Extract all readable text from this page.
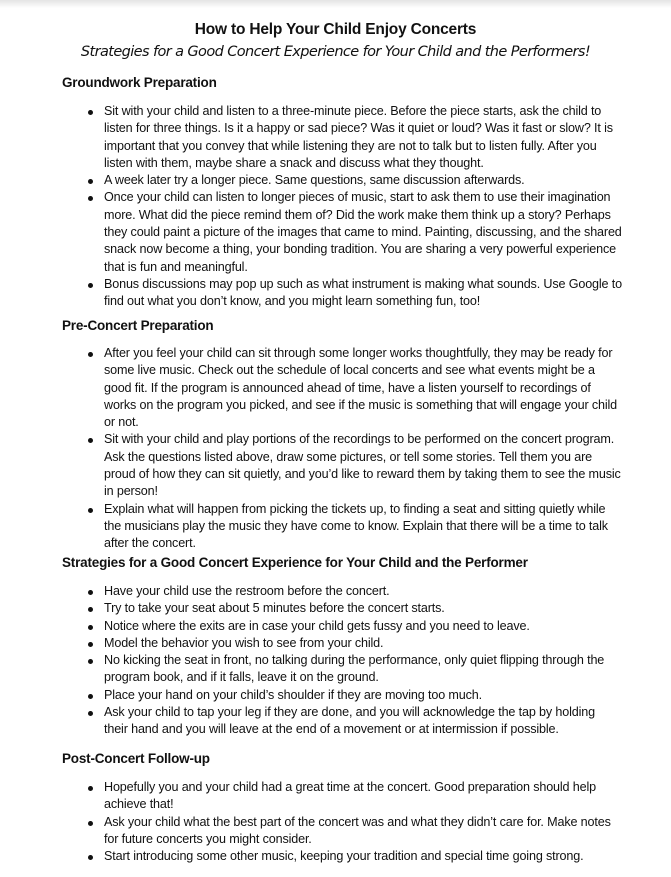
How to Help Your Child Enjoy Concerts
Strategies for a Good Concert Experience for Your Child and the Performers!
Groundwork Preparation
Sit with your child and listen to a three-minute piece. Before the piece starts, ask the child to listen for three things. Is it a happy or sad piece? Was it quiet or loud? Was it fast or slow? It is important that you convey that while listening they are not to talk but to listen fully. After you listen with them, maybe share a snack and discuss what they thought.
A week later try a longer piece. Same questions, same discussion afterwards.
Once your child can listen to longer pieces of music, start to ask them to use their imagination more. What did the piece remind them of? Did the work make them think up a story? Perhaps they could paint a picture of the images that came to mind. Painting, discussing, and the shared snack now become a thing, your bonding tradition. You are sharing a very powerful experience that is fun and meaningful.
Bonus discussions may pop up such as what instrument is making what sounds. Use Google to find out what you don’t know, and you might learn something fun, too!
Pre-Concert Preparation
After you feel your child can sit through some longer works thoughtfully, they may be ready for some live music. Check out the schedule of local concerts and see what events might be a good fit. If the program is announced ahead of time, have a listen yourself to recordings of works on the program you picked, and see if the music is something that will engage your child or not.
Sit with your child and play portions of the recordings to be performed on the concert program. Ask the questions listed above, draw some pictures, or tell some stories. Tell them you are proud of how they can sit quietly, and you’d like to reward them by taking them to see the music in person!
Explain what will happen from picking the tickets up, to finding a seat and sitting quietly while the musicians play the music they have come to know. Explain that there will be a time to talk after the concert.
Strategies for a Good Concert Experience for Your Child and the Performer
Have your child use the restroom before the concert.
Try to take your seat about 5 minutes before the concert starts.
Notice where the exits are in case your child gets fussy and you need to leave.
Model the behavior you wish to see from your child.
No kicking the seat in front, no talking during the performance, only quiet flipping through the program book, and if it falls, leave it on the ground.
Place your hand on your child’s shoulder if they are moving too much.
Ask your child to tap your leg if they are done, and you will acknowledge the tap by holding their hand and you will leave at the end of a movement or at intermission if possible.
Post-Concert Follow-up
Hopefully you and your child had a great time at the concert. Good preparation should help achieve that!
Ask your child what the best part of the concert was and what they didn’t care for. Make notes for future concerts you might consider.
Start introducing some other music, keeping your tradition and special time going strong.
